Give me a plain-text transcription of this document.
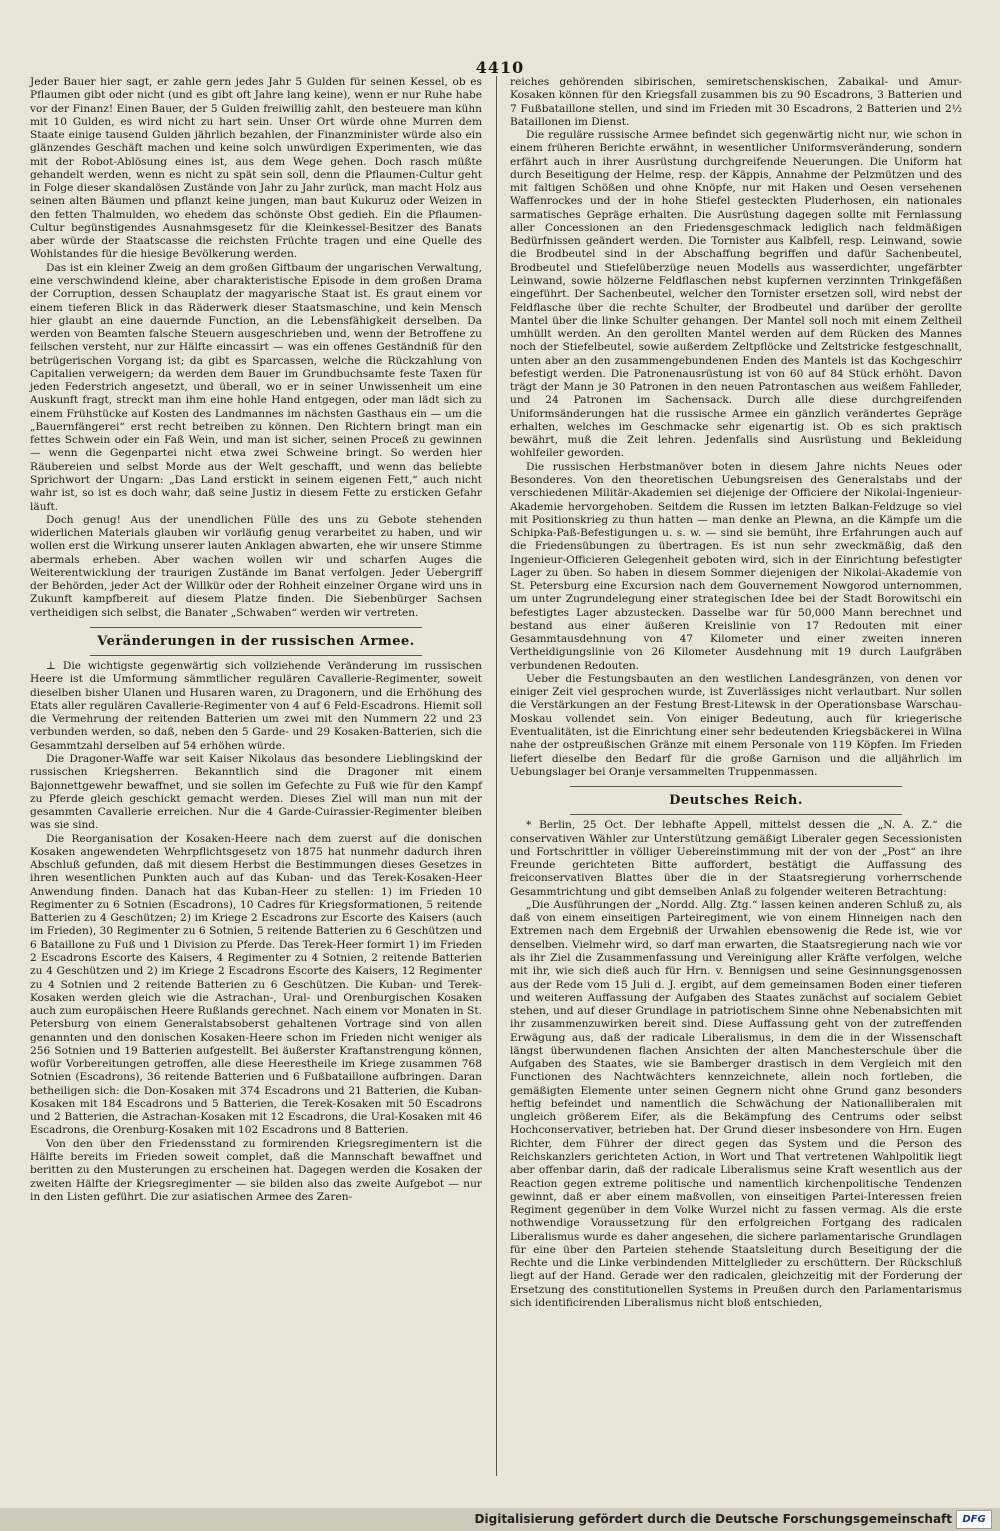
4410

Jeder Bauer hier sagt, er zahle gern jedes Jahr 5 Gulden für seinen Kessel, ob es Pflaumen gibt oder nicht (und es gibt oft Jahre lang keine), wenn er nur Ruhe habe vor der Finanz! Einen Bauer, der 5 Gulden freiwillig zahlt, den besteuere man kühn mit 10 Gulden, es wird nicht zu hart sein. Unser Ort würde ohne Murren dem Staate einige tausend Gulden jährlich bezahlen, der Finanzminister würde also ein glänzendes Geschäft machen und keine solch unwürdigen Experimenten, wie das mit der Robot-Ablösung eines ist, aus dem Wege gehen. Doch rasch müßte gehandelt werden, wenn es nicht zu spät sein soll, denn die Pflaumen-Cultur geht in Folge dieser skandalösen Zustände von Jahr zu Jahr zurück, man macht Holz aus seinen alten Bäumen und pflanzt keine jungen, man baut Kukuruz oder Weizen in den fetten Thalmulden, wo ehedem das schönste Obst gedieh. Ein die Pflaumen-Cultur begünstigendes Ausnahmsgesetz für die Kleinkessel-Besitzer des Banats aber würde der Staatscasse die reichsten Früchte tragen und eine Quelle des Wohlstandes für die hiesige Bevölkerung werden.

Das ist ein kleiner Zweig an dem großen Giftbaum der ungarischen Verwaltung, eine verschwindend kleine, aber charakteristische Episode in dem großen Drama der Corruption, dessen Schauplatz der magyarische Staat ist. Es graut einem vor einem tieferen Blick in das Räderwerk dieser Staatsmaschine, und kein Mensch hier glaubt an eine dauernde Function, an die Lebensfähigkeit derselben. Da werden von Beamten falsche Steuern ausgeschrieben und, wenn der Betroffene zu feilschen versteht, nur zur Hälfte eincassirt — was ein offenes Geständniß für den betrügerischen Vorgang ist; da gibt es Sparcassen, welche die Rückzahlung von Capitalien verweigern; da werden dem Bauer im Grundbuchsamte feste Taxen für jeden Federstrich angesetzt, und überall, wo er in seiner Unwissenheit um eine Auskunft fragt, streckt man ihm eine hohle Hand entgegen, oder man lädt sich zu einem Frühstücke auf Kosten des Landmannes im nächsten Gasthaus ein — um die „Bauernfängerei“ erst recht betreiben zu können. Den Richtern bringt man ein fettes Schwein oder ein Faß Wein, und man ist sicher, seinen Proceß zu gewinnen — wenn die Gegenpartei nicht etwa zwei Schweine bringt. So werden hier Räubereien und selbst Morde aus der Welt geschafft, und wenn das beliebte Sprichwort der Ungarn: „Das Land erstickt in seinem eigenen Fett,“ auch nicht wahr ist, so ist es doch wahr, daß seine Justiz in diesem Fette zu ersticken Gefahr läuft.

Doch genug! Aus der unendlichen Fülle des uns zu Gebote stehenden widerlichen Materials glauben wir vorläufig genug verarbeitet zu haben, und wir wollen erst die Wirkung unserer lauten Anklagen abwarten, ehe wir unsere Stimme abermals erheben. Aber wachen wollen wir und scharfen Auges die Weiterentwicklung der traurigen Zustände im Banat verfolgen. Jeder Uebergriff der Behörden, jeder Act der Willkür oder der Rohheit einzelner Organe wird uns in Zukunft kampfbereit auf diesem Platze finden. Die Siebenbürger Sachsen vertheidigen sich selbst, die Banater „Schwaben“ werden wir vertreten.

Veränderungen in der russischen Armee.

⊥ Die wichtigste gegenwärtig sich vollziehende Veränderung im russischen Heere ist die Umformung sämmtlicher regulären Cavallerie-Regimenter, soweit dieselben bisher Ulanen und Husaren waren, zu Dragonern, und die Erhöhung des Etats aller regulären Cavallerie-Regimenter von 4 auf 6 Feld-Escadrons. Hiemit soll die Vermehrung der reitenden Batterien um zwei mit den Nummern 22 und 23 verbunden werden, so daß, neben den 5 Garde- und 29 Kosaken-Batterien, sich die Gesammtzahl derselben auf 54 erhöhen würde.

Die Dragoner-Waffe war seit Kaiser Nikolaus das besondere Lieblingskind der russischen Kriegsherren. Bekanntlich sind die Dragoner mit einem Bajonnettgewehr bewaffnet, und sie sollen im Gefechte zu Fuß wie für den Kampf zu Pferde gleich geschickt gemacht werden. Dieses Ziel will man nun mit der gesammten Cavallerie erreichen. Nur die 4 Garde-Cuirassier-Regimenter bleiben was sie sind.

Die Reorganisation der Kosaken-Heere nach dem zuerst auf die donischen Kosaken angewendeten Wehrpflichtsgesetz von 1875 hat nunmehr dadurch ihren Abschluß gefunden, daß mit diesem Herbst die Bestimmungen dieses Gesetzes in ihren wesentlichen Punkten auch auf das Kuban- und das Terek-Kosaken-Heer Anwendung finden. Danach hat das Kuban-Heer zu stellen: 1) im Frieden 10 Regimenter zu 6 Sotnien (Escadrons), 10 Cadres für Kriegsformationen, 5 reitende Batterien zu 4 Geschützen; 2) im Kriege 2 Escadrons zur Escorte des Kaisers (auch im Frieden), 30 Regimenter zu 6 Sotnien, 5 reitende Batterien zu 6 Geschützen und 6 Bataillone zu Fuß und 1 Division zu Pferde. Das Terek-Heer formirt 1) im Frieden 2 Escadrons Escorte des Kaisers, 4 Regimenter zu 4 Sotnien, 2 reitende Batterien zu 4 Geschützen und 2) im Kriege 2 Escadrons Escorte des Kaisers, 12 Regimenter zu 4 Sotnien und 2 reitende Batterien zu 6 Geschützen. Die Kuban- und Terek-Kosaken werden gleich wie die Astrachan-, Ural- und Orenburgischen Kosaken auch zum europäischen Heere Rußlands gerechnet. Nach einem vor Monaten in St. Petersburg von einem Generalstabsoberst gehaltenen Vortrage sind von allen genannten und den donischen Kosaken-Heere schon im Frieden nicht weniger als 256 Sotnien und 19 Batterien aufgestellt. Bei äußerster Kraftanstrengung können, wofür Vorbereitungen getroffen, alle diese Heerestheile im Kriege zusammen 768 Sotnien (Escadrons), 36 reitende Batterien und 6 Fußbataillone aufbringen. Daran betheiligen sich: die Don-Kosaken mit 374 Escadrons und 21 Batterien, die Kuban-Kosaken mit 184 Escadrons und 5 Batterien, die Terek-Kosaken mit 50 Escadrons und 2 Batterien, die Astrachan-Kosaken mit 12 Escadrons, die Ural-Kosaken mit 46 Escadrons, die Orenburg-Kosaken mit 102 Escadrons und 8 Batterien.

Von den über den Friedensstand zu formirenden Kriegsregimentern ist die Hälfte bereits im Frieden soweit complet, daß die Mannschaft bewaffnet und beritten zu den Musterungen zu erscheinen hat. Dagegen werden die Kosaken der zweiten Hälfte der Kriegsregimenter — sie bilden also das zweite Aufgebot — nur in den Listen geführt. Die zur asiatischen Armee des Zaren-

reiches gehörenden sibirischen, semiretschenskischen, Zabaikal- und Amur-Kosaken können für den Kriegsfall zusammen bis zu 90 Escadrons, 3 Batterien und 7 Fußbataillone stellen, und sind im Frieden mit 30 Escadrons, 2 Batterien und 2½ Bataillonen im Dienst.

Die reguläre russische Armee befindet sich gegenwärtig nicht nur, wie schon in einem früheren Berichte erwähnt, in wesentlicher Uniformsveränderung, sondern erfährt auch in ihrer Ausrüstung durchgreifende Neuerungen. Die Uniform hat durch Beseitigung der Helme, resp. der Käppis, Annahme der Pelzmützen und des mit faltigen Schößen und ohne Knöpfe, nur mit Haken und Oesen versehenen Waffenrockes und der in hohe Stiefel gesteckten Pluderhosen, ein nationales sarmatisches Gepräge erhalten. Die Ausrüstung dagegen sollte mit Fernlassung aller Concessionen an den Friedensgeschmack lediglich nach feldmäßigen Bedürfnissen geändert werden. Die Tornister aus Kalbfell, resp. Leinwand, sowie die Brodbeutel sind in der Abschaffung begriffen und dafür Sachenbeutel, Brodbeutel und Stiefelüberzüge neuen Modells aus wasserdichter, ungefärbter Leinwand, sowie hölzerne Feldflaschen nebst kupfernen verzinnten Trinkgefäßen eingeführt. Der Sachenbeutel, welcher den Tornister ersetzen soll, wird nebst der Feldflasche über die rechte Schulter, der Brodbeutel und darüber der gerollte Mantel über die linke Schulter gehangen. Der Mantel soll noch mit einem Zeltheil umhüllt werden. An den gerollten Mantel werden auf dem Rücken des Mannes noch der Stiefelbeutel, sowie außerdem Zeltpflöcke und Zeltstricke festgeschnallt, unten aber an den zusammengebundenen Enden des Mantels ist das Kochgeschirr befestigt werden. Die Patronenausrüstung ist von 60 auf 84 Stück erhöht. Davon trägt der Mann je 30 Patronen in den neuen Patrontaschen aus weißem Fahlleder, und 24 Patronen im Sachensack. Durch alle diese durchgreifenden Uniformsänderungen hat die russische Armee ein gänzlich verändertes Gepräge erhalten, welches im Geschmacke sehr eigenartig ist. Ob es sich praktisch bewährt, muß die Zeit lehren. Jedenfalls sind Ausrüstung und Bekleidung wohlfeiler geworden.

Die russischen Herbstmanöver boten in diesem Jahre nichts Neues oder Besonderes. Von den theoretischen Uebungsreisen des Generalstabs und der verschiedenen Militär-Akademien sei diejenige der Officiere der Nikolai-Ingenieur-Akademie hervorgehoben. Seitdem die Russen im letzten Balkan-Feldzuge so viel mit Positionskrieg zu thun hatten — man denke an Plewna, an die Kämpfe um die Schipka-Paß-Befestigungen u. s. w. — sind sie bemüht, ihre Erfahrungen auch auf die Friedensübungen zu übertragen. Es ist nun sehr zweckmäßig, daß den Ingenieur-Officieren Gelegenheit geboten wird, sich in der Einrichtung befestigter Lager zu üben. So haben in diesem Sommer diejenigen der Nikolai-Akademie von St. Petersburg eine Excursion nach dem Gouvernement Nowgorod unternommen, um unter Zugrundelegung einer strategischen Idee bei der Stadt Borowitschi ein befestigtes Lager abzustecken. Dasselbe war für 50,000 Mann berechnet und bestand aus einer äußeren Kreislinie von 17 Redouten mit einer Gesammtausdehnung von 47 Kilometer und einer zweiten inneren Vertheidigungslinie von 26 Kilometer Ausdehnung mit 19 durch Laufgräben verbundenen Redouten.

Ueber die Festungsbauten an den westlichen Landesgränzen, von denen vor einiger Zeit viel gesprochen wurde, ist Zuverlässiges nicht verlautbart. Nur sollen die Verstärkungen an der Festung Brest-Litewsk in der Operationsbase Warschau-Moskau vollendet sein. Von einiger Bedeutung, auch für kriegerische Eventualitäten, ist die Einrichtung einer sehr bedeutenden Kriegsbäckerei in Wilna nahe der ostpreußischen Gränze mit einem Personale von 119 Köpfen. Im Frieden liefert dieselbe den Bedarf für die große Garnison und die alljährlich im Uebungslager bei Oranje versammelten Truppenmassen.

Deutsches Reich.

* Berlin, 25 Oct. Der lebhafte Appell, mittelst dessen die „N. A. Z.“ die conservativen Wähler zur Unterstützung gemäßigt Liberaler gegen Secessionisten und Fortschrittler in völliger Uebereinstimmung mit der von der „Post“ an ihre Freunde gerichteten Bitte auffordert, bestätigt die Auffassung des freiconservativen Blattes über die in der Staatsregierung vorherrschende Gesammtrichtung und gibt demselben Anlaß zu folgender weiteren Betrachtung:

„Die Ausführungen der „Nordd. Allg. Ztg.“ lassen keinen anderen Schluß zu, als daß von einem einseitigen Parteiregiment, wie von einem Hinneigen nach den Extremen nach dem Ergebniß der Urwahlen ebensowenig die Rede ist, wie vor denselben. Vielmehr wird, so darf man erwarten, die Staatsregierung nach wie vor als ihr Ziel die Zusammenfassung und Vereinigung aller Kräfte verfolgen, welche mit ihr, wie sich dieß auch für Hrn. v. Bennigsen und seine Gesinnungsgenossen aus der Rede vom 15 Juli d. J. ergibt, auf dem gemeinsamen Boden einer tieferen und weiteren Auffassung der Aufgaben des Staates zunächst auf socialem Gebiet stehen, und auf dieser Grundlage in patriotischem Sinne ohne Nebenabsichten mit ihr zusammenzuwirken bereit sind. Diese Auffassung geht von der zutreffenden Erwägung aus, daß der radicale Liberalismus, in dem die in der Wissenschaft längst überwundenen flachen Ansichten der alten Manchesterschule über die Aufgaben des Staates, wie sie Bamberger drastisch in dem Vergleich mit den Functionen des Nachtwächters kennzeichnete, allein noch fortleben, die gemäßigten Elemente unter seinen Gegnern nicht ohne Grund ganz besonders heftig befeindet und namentlich die Schwächung der Nationalliberalen mit ungleich größerem Eifer, als die Bekämpfung des Centrums oder selbst Hochconservativer, betrieben hat. Der Grund dieser insbesondere von Hrn. Eugen Richter, dem Führer der direct gegen das System und die Person des Reichskanzlers gerichteten Action, in Wort und That vertretenen Wahlpolitik liegt aber offenbar darin, daß der radicale Liberalismus seine Kraft wesentlich aus der Reaction gegen extreme politische und namentlich kirchenpolitische Tendenzen gewinnt, daß er aber einem maßvollen, von einseitigen Partei-Interessen freien Regiment gegenüber in dem Volke Wurzel nicht zu fassen vermag. Als die erste nothwendige Voraussetzung für den erfolgreichen Fortgang des radicalen Liberalismus wurde es daher angesehen, die sichere parlamentarische Grundlagen für eine über den Parteien stehende Staatsleitung durch Beseitigung der die Rechte und die Linke verbindenden Mittelglieder zu erschüttern. Der Rückschluß liegt auf der Hand. Gerade wer den radicalen, gleichzeitig mit der Forderung der Ersetzung des constitutionellen Systems in Preußen durch den Parlamentarismus sich identificirenden Liberalismus nicht bloß entschieden,

Digitalisierung gefördert durch die Deutsche Forschungsgemeinschaft	DFG
